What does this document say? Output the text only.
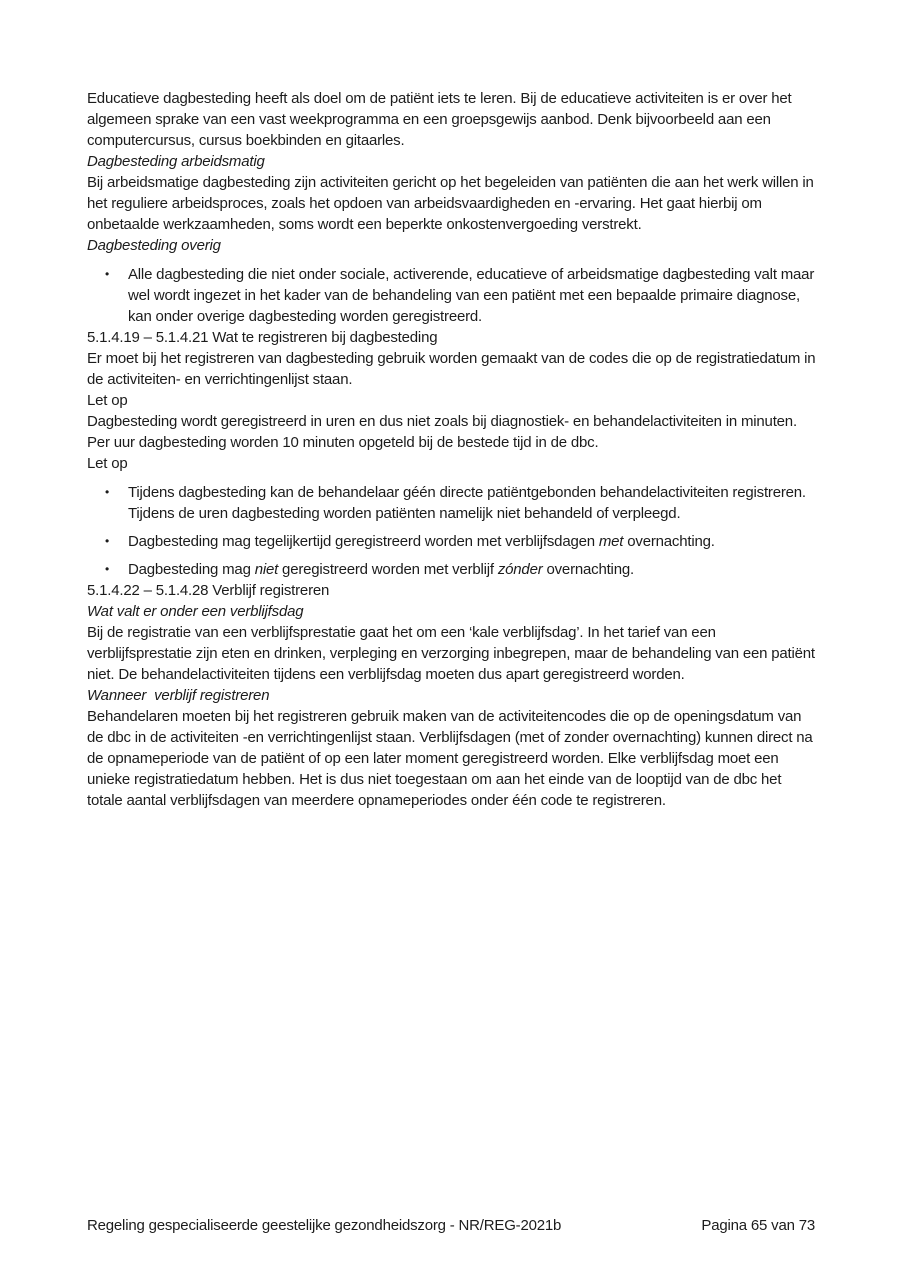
Educatieve dagbesteding heeft als doel om de patiënt iets te leren. Bij de educatieve activiteiten is er over het algemeen sprake van een vast weekprogramma en een groepsgewijs aanbod. Denk bijvoorbeeld aan een computercursus, cursus boekbinden en gitaarles.

Dagbesteding arbeidsmatig

Bij arbeidsmatige dagbesteding zijn activiteiten gericht op het begeleiden van patiënten die aan het werk willen in het reguliere arbeidsproces, zoals het opdoen van arbeidsvaardigheden en -ervaring. Het gaat hierbij om onbetaalde werkzaamheden, soms wordt een beperkte onkostenvergoeding verstrekt.

Dagbesteding overig
•	Alle dagbesteding die niet onder sociale, activerende, educatieve of arbeidsmatige dagbesteding valt maar wel wordt ingezet in het kader van de behandeling van een patiënt met een bepaalde primaire diagnose, kan onder overige dagbesteding worden geregistreerd.
5.1.4.19 – 5.1.4.21 Wat te registreren bij dagbesteding

Er moet bij het registreren van dagbesteding gebruik worden gemaakt van de codes die op de registratiedatum in de activiteiten- en verrichtingenlijst staan.

Let op

Dagbesteding wordt geregistreerd in uren en dus niet zoals bij diagnostiek- en behandelactiviteiten in minuten. Per uur dagbesteding worden 10 minuten opgeteld bij de bestede tijd in de dbc.

Let op

•	Tijdens dagbesteding kan de behandelaar géén directe patiëntgebonden behandelactiviteiten registreren. Tijdens de uren dagbesteding worden patiënten namelijk niet behandeld of verpleegd.
•	Dagbesteding mag tegelijkertijd geregistreerd worden met verblijfsdagen met overnachting.
•	Dagbesteding mag niet geregistreerd worden met verblijf zónder overnachting.
5.1.4.22 – 5.1.4.28 Verblijf registreren
Wat valt er onder een verblijfsdag

Bij de registratie van een verblijfsprestatie gaat het om een ‘kale verblijfsdag’. In het tarief van een verblijfsprestatie zijn eten en drinken, verpleging en verzorging inbegrepen, maar de behandeling van een patiënt niet. De behandelactiviteiten tijdens een verblijfsdag moeten dus apart geregistreerd worden.

Wanneer  verblijf registreren

Behandelaren moeten bij het registreren gebruik maken van de activiteitencodes die op de openingsdatum van de dbc in de activiteiten -en verrichtingenlijst staan. Verblijfsdagen (met of zonder overnachting) kunnen direct na de opnameperiode van de patiënt of op een later moment geregistreerd worden. Elke verblijfsdag moet een unieke registratiedatum hebben. Het is dus niet toegestaan om aan het einde van de looptijd van de dbc het totale aantal verblijfsdagen van meerdere opnameperiodes onder één code te registreren.

Regeling gespecialiseerde geestelijke gezondheidszorg - NR/REG-2021b	Pagina 65 van 73
